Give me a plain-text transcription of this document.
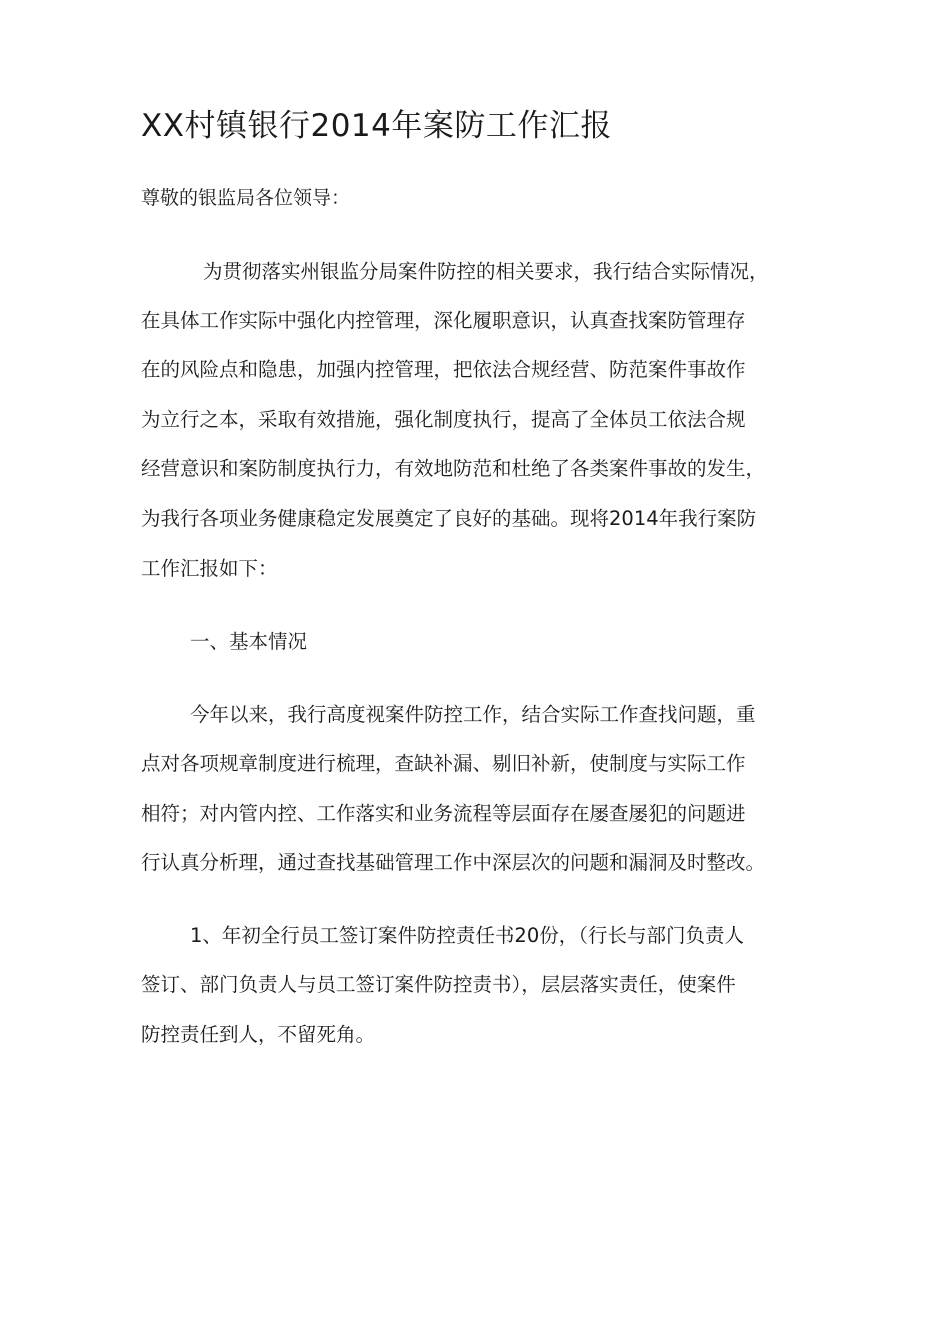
XX村镇银行2014年案防工作汇报
尊敬的银监局各位领导：
为贯彻落实州银监分局案件防控的相关要求，我行结合实际情况，
在具体工作实际中强化内控管理，深化履职意识，认真查找案防管理存
在的风险点和隐患，加强内控管理，把依法合规经营、防范案件事故作
为立行之本，采取有效措施，强化制度执行，提高了全体员工依法合规
经营意识和案防制度执行力，有效地防范和杜绝了各类案件事故的发生，
为我行各项业务健康稳定发展奠定了良好的基础。现将2014年我行案防
工作汇报如下：
一、基本情况
今年以来，我行高度视案件防控工作，结合实际工作查找问题，重
点对各项规章制度进行梳理，查缺补漏、剔旧补新，使制度与实际工作
相符；对内管内控、工作落实和业务流程等层面存在屡查屡犯的问题进
行认真分析理，通过查找基础管理工作中深层次的问题和漏洞及时整改。
1、年初全行员工签订案件防控责任书20份，（行长与部门负责人
签订、部门负责人与员工签订案件防控责书），层层落实责任，使案件
防控责任到人，不留死角。
